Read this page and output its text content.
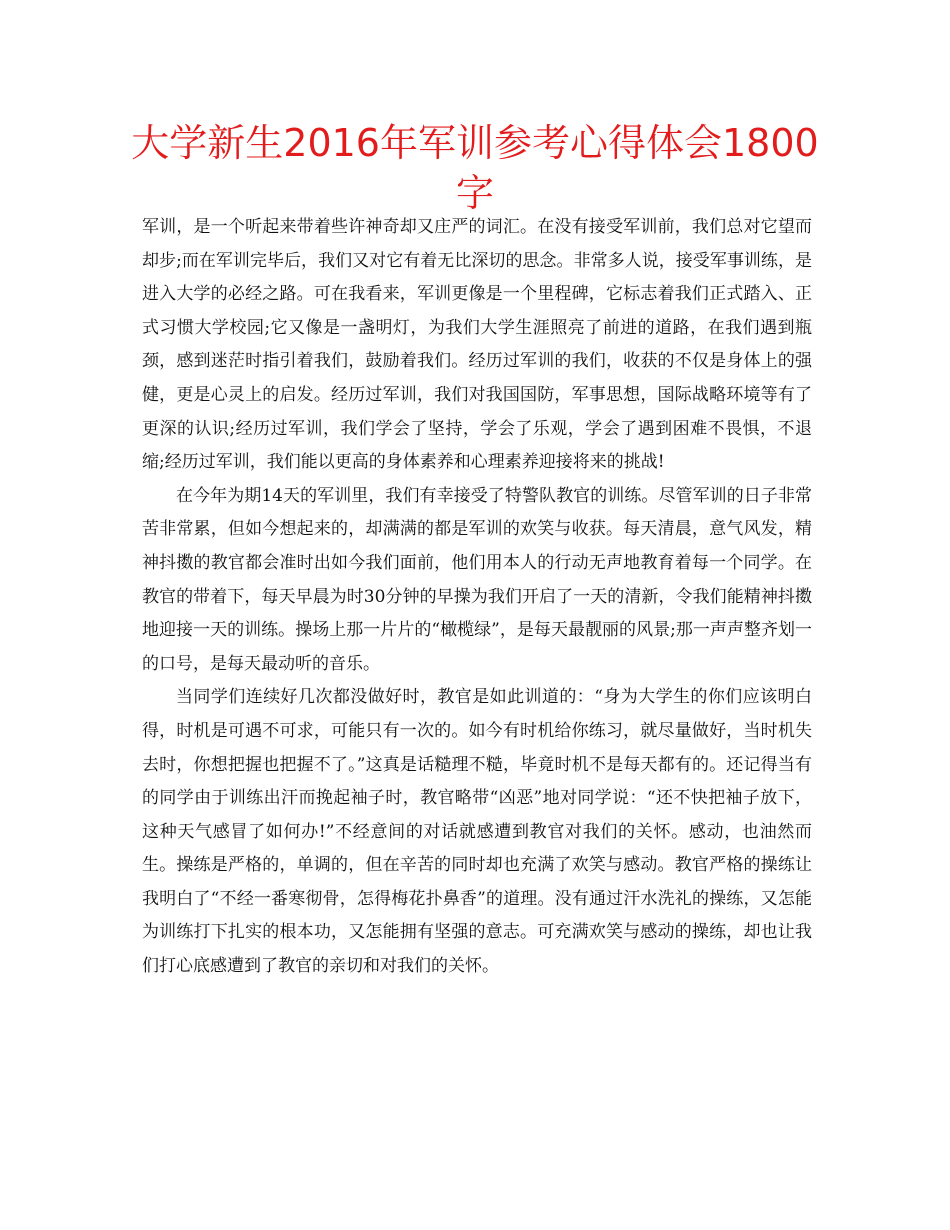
大学新生2016年军训参考心得体会1800字

军训，是一个听起来带着些许神奇却又庄严的词汇。在没有接受军训前，我们总对它望而却步;而在军训完毕后，我们又对它有着无比深切的思念。非常多人说，接受军事训练，是进入大学的必经之路。可在我看来，军训更像是一个里程碑，它标志着我们正式踏入、正式习惯大学校园;它又像是一盏明灯，为我们大学生涯照亮了前进的道路，在我们遇到瓶颈，感到迷茫时指引着我们，鼓励着我们。经历过军训的我们，收获的不仅是身体上的强健，更是心灵上的启发。经历过军训，我们对我国国防，军事思想，国际战略环境等有了更深的认识;经历过军训，我们学会了坚持，学会了乐观，学会了遇到困难不畏惧，不退缩;经历过军训，我们能以更高的身体素养和心理素养迎接将来的挑战!

在今年为期14天的军训里，我们有幸接受了特警队教官的训练。尽管军训的日子非常苦非常累，但如今想起来的，却满满的都是军训的欢笑与收获。每天清晨，意气风发，精神抖擞的教官都会准时出如今我们面前，他们用本人的行动无声地教育着每一个同学。在教官的带着下，每天早晨为时30分钟的早操为我们开启了一天的清新，令我们能精神抖擞地迎接一天的训练。操场上那一片片的“橄榄绿”，是每天最靓丽的风景;那一声声整齐划一的口号，是每天最动听的音乐。

当同学们连续好几次都没做好时，教官是如此训道的：“身为大学生的你们应该明白得，时机是可遇不可求，可能只有一次的。如今有时机给你练习，就尽量做好，当时机失去时，你想把握也把握不了。”这真是话糙理不糙，毕竟时机不是每天都有的。还记得当有的同学由于训练出汗而挽起袖子时，教官略带“凶恶”地对同学说：“还不快把袖子放下，这种天气感冒了如何办!”不经意间的对话就感遭到教官对我们的关怀。感动，也油然而生。操练是严格的，单调的，但在辛苦的同时却也充满了欢笑与感动。教官严格的操练让我明白了“不经一番寒彻骨，怎得梅花扑鼻香”的道理。没有通过汗水洗礼的操练，又怎能为训练打下扎实的根本功，又怎能拥有坚强的意志。可充满欢笑与感动的操练，却也让我们打心底感遭到了教官的亲切和对我们的关怀。
